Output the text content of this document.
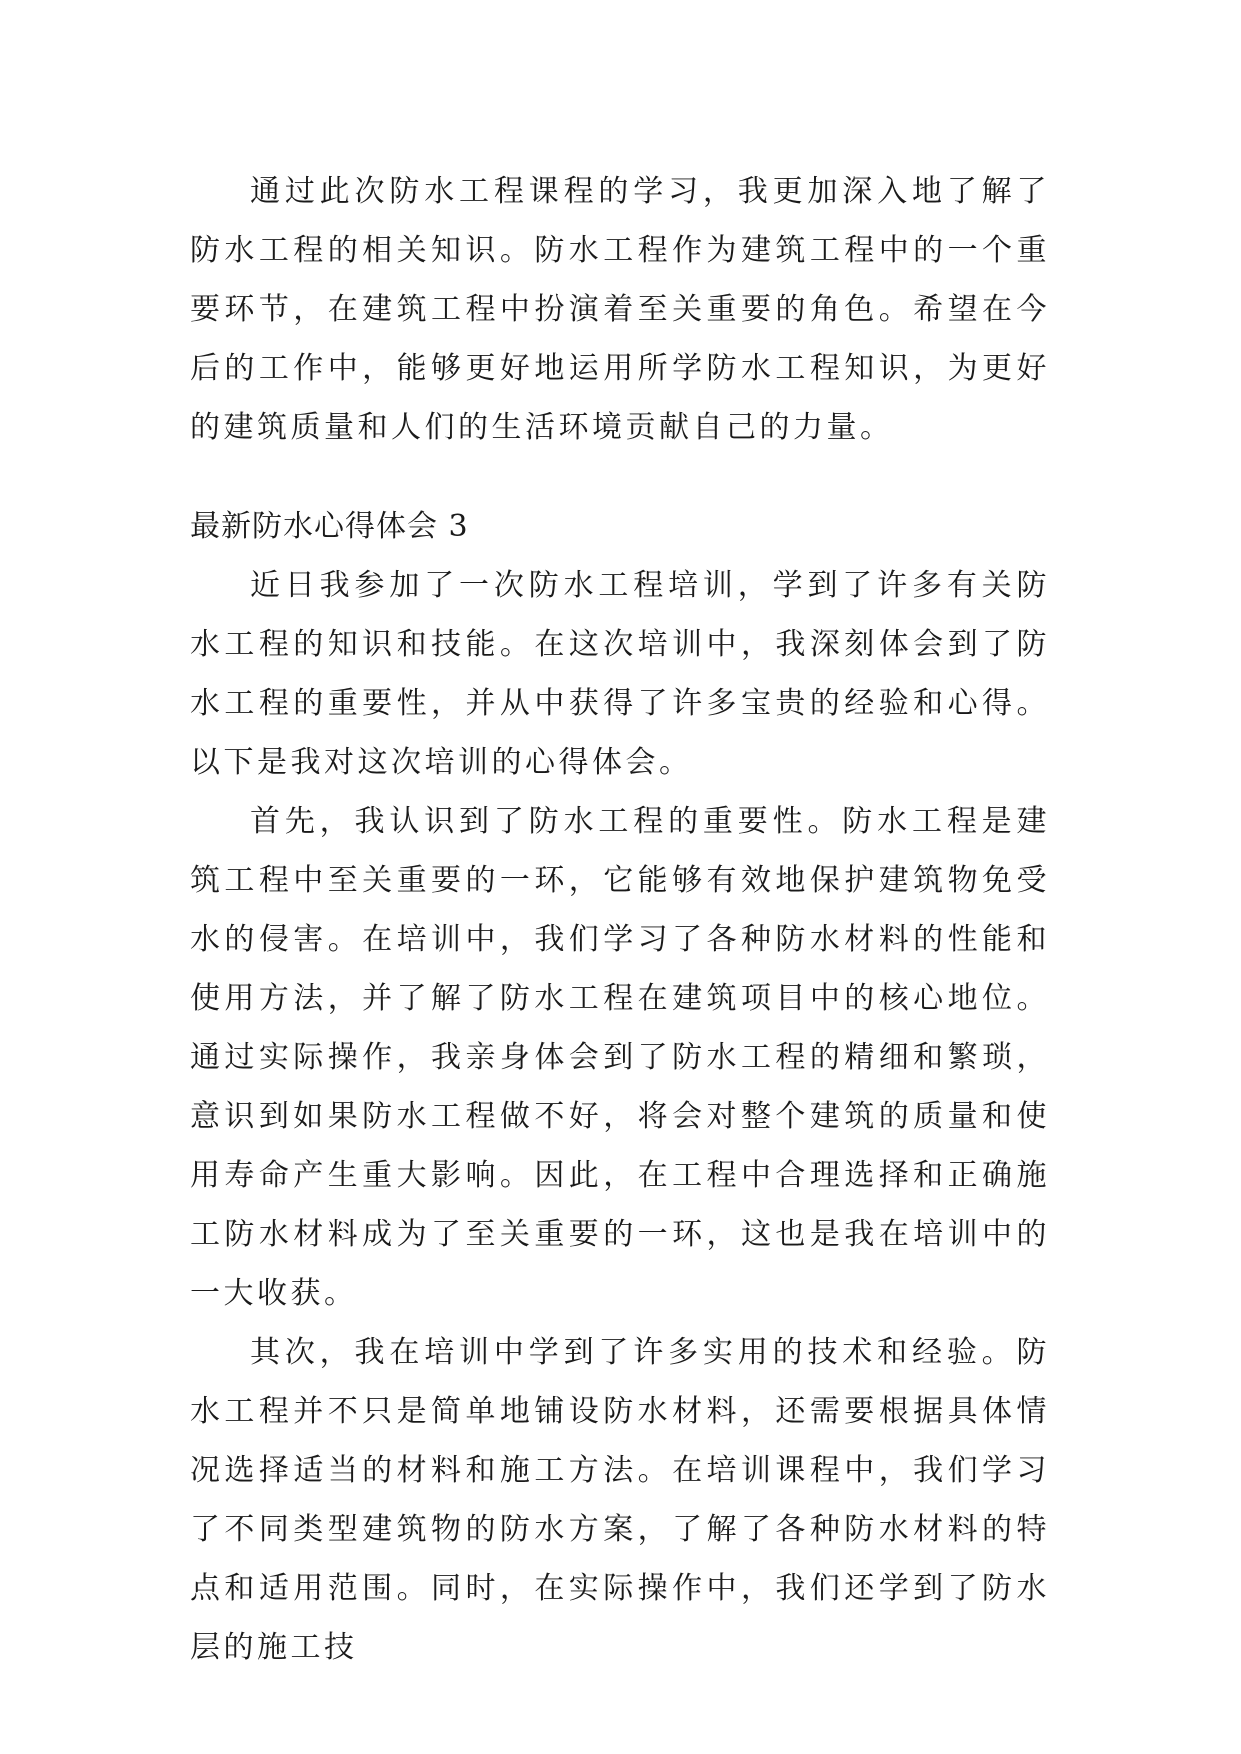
通过此次防水工程课程的学习，我更加深入地了解了防水工程的相关知识。防水工程作为建筑工程中的一个重要环节，在建筑工程中扮演着至关重要的角色。希望在今后的工作中，能够更好地运用所学防水工程知识，为更好的建筑质量和人们的生活环境贡献自己的力量。

最新防水心得体会 3

近日我参加了一次防水工程培训，学到了许多有关防水工程的知识和技能。在这次培训中，我深刻体会到了防水工程的重要性，并从中获得了许多宝贵的经验和心得。以下是我对这次培训的心得体会。

首先，我认识到了防水工程的重要性。防水工程是建筑工程中至关重要的一环，它能够有效地保护建筑物免受水的侵害。在培训中，我们学习了各种防水材料的性能和使用方法，并了解了防水工程在建筑项目中的核心地位。通过实际操作，我亲身体会到了防水工程的精细和繁琐，意识到如果防水工程做不好，将会对整个建筑的质量和使用寿命产生重大影响。因此，在工程中合理选择和正确施工防水材料成为了至关重要的一环，这也是我在培训中的一大收获。

其次，我在培训中学到了许多实用的技术和经验。防水工程并不只是简单地铺设防水材料，还需要根据具体情况选择适当的材料和施工方法。在培训课程中，我们学习了不同类型建筑物的防水方案，了解了各种防水材料的特点和适用范围。同时，在实际操作中，我们还学到了防水层的施工技
